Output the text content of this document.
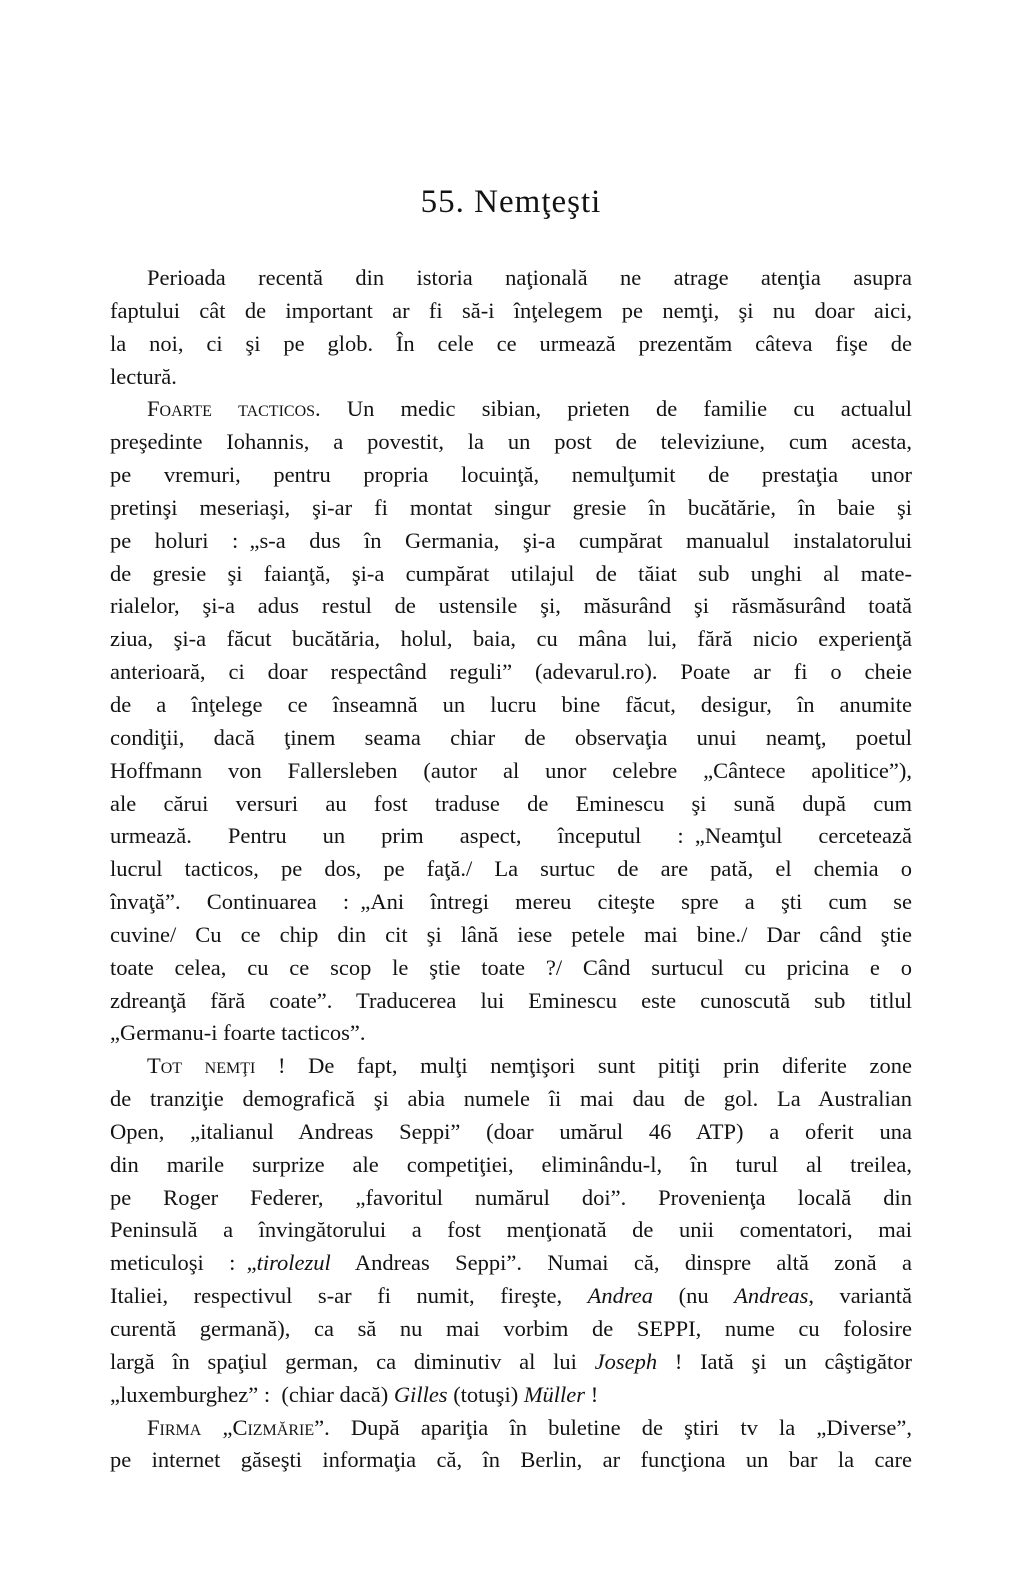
55. Nemţeşti
Perioada recentă din istoria naţională ne atrage atenţia asupra
faptului cât de important ar fi să-i înţelegem pe nemţi, şi nu doar aici,
la noi, ci şi pe glob. În cele ce urmează prezentăm câteva fişe de
lectură.
Foarte tacticos. Un medic sibian, prieten de familie cu actualul
preşedinte Iohannis, a povestit, la un post de televiziune, cum acesta,
pe vremuri, pentru propria locuinţă, nemulţumit de prestaţia unor
pretinşi meseriaşi, şi-ar fi montat singur gresie în bucătărie, în baie şi
pe holuri : „s-a dus în Germania, şi-a cumpărat manualul instalatorului
de gresie şi faianţă, şi-a cumpărat utilajul de tăiat sub unghi al mate-
rialelor, şi-a adus restul de ustensile şi, măsurând şi răsmăsurând toată
ziua, şi-a făcut bucătăria, holul, baia, cu mâna lui, fără nicio experienţă
anterioară, ci doar respectând reguli” (adevarul.ro). Poate ar fi o cheie
de a înţelege ce înseamnă un lucru bine făcut, desigur, în anumite
condiţii, dacă ţinem seama chiar de observaţia unui neamţ, poetul
Hoffmann von Fallersleben (autor al unor celebre „Cântece apolitice”),
ale cărui versuri au fost traduse de Eminescu şi sună după cum
urmează. Pentru un prim aspect, începutul : „Neamţul cercetează
lucrul tacticos, pe dos, pe faţă./ La surtuc de are pată, el chemia o
învaţă”. Continuarea : „Ani întregi mereu citeşte spre a şti cum se
cuvine/ Cu ce chip din cit şi lână iese petele mai bine./ Dar când ştie
toate celea, cu ce scop le ştie toate ?/ Când surtucul cu pricina e o
zdreanţă fără coate”. Traducerea lui Eminescu este cunoscută sub titlul
„Germanu-i foarte tacticos”.
Tot nemţi ! De fapt, mulţi nemţişori sunt pitiţi prin diferite zone
de tranziţie demografică şi abia numele îi mai dau de gol. La Australian
Open, „italianul Andreas Seppi” (doar umărul 46 ATP) a oferit una
din marile surprize ale competiţiei, eliminându-l, în turul al treilea,
pe Roger Federer, „favoritul numărul doi”. Provenienţa locală din
Peninsulă a învingătorului a fost menţionată de unii comentatori, mai
meticuloşi : „tirolezul Andreas Seppi”. Numai că, dinspre altă zonă a
Italiei, respectivul s-ar fi numit, fireşte, Andrea (nu Andreas, variantă
curentă germană), ca să nu mai vorbim de SEPPI, nume cu folosire
largă în spaţiul german, ca diminutiv al lui Joseph ! Iată şi un câştigător
„luxemburghez” : (chiar dacă) Gilles (totuşi) Müller !
Firma „Cizmărie”. După apariţia în buletine de ştiri tv la „Diverse”,
pe internet găseşti informaţia că, în Berlin, ar funcţiona un bar la care
